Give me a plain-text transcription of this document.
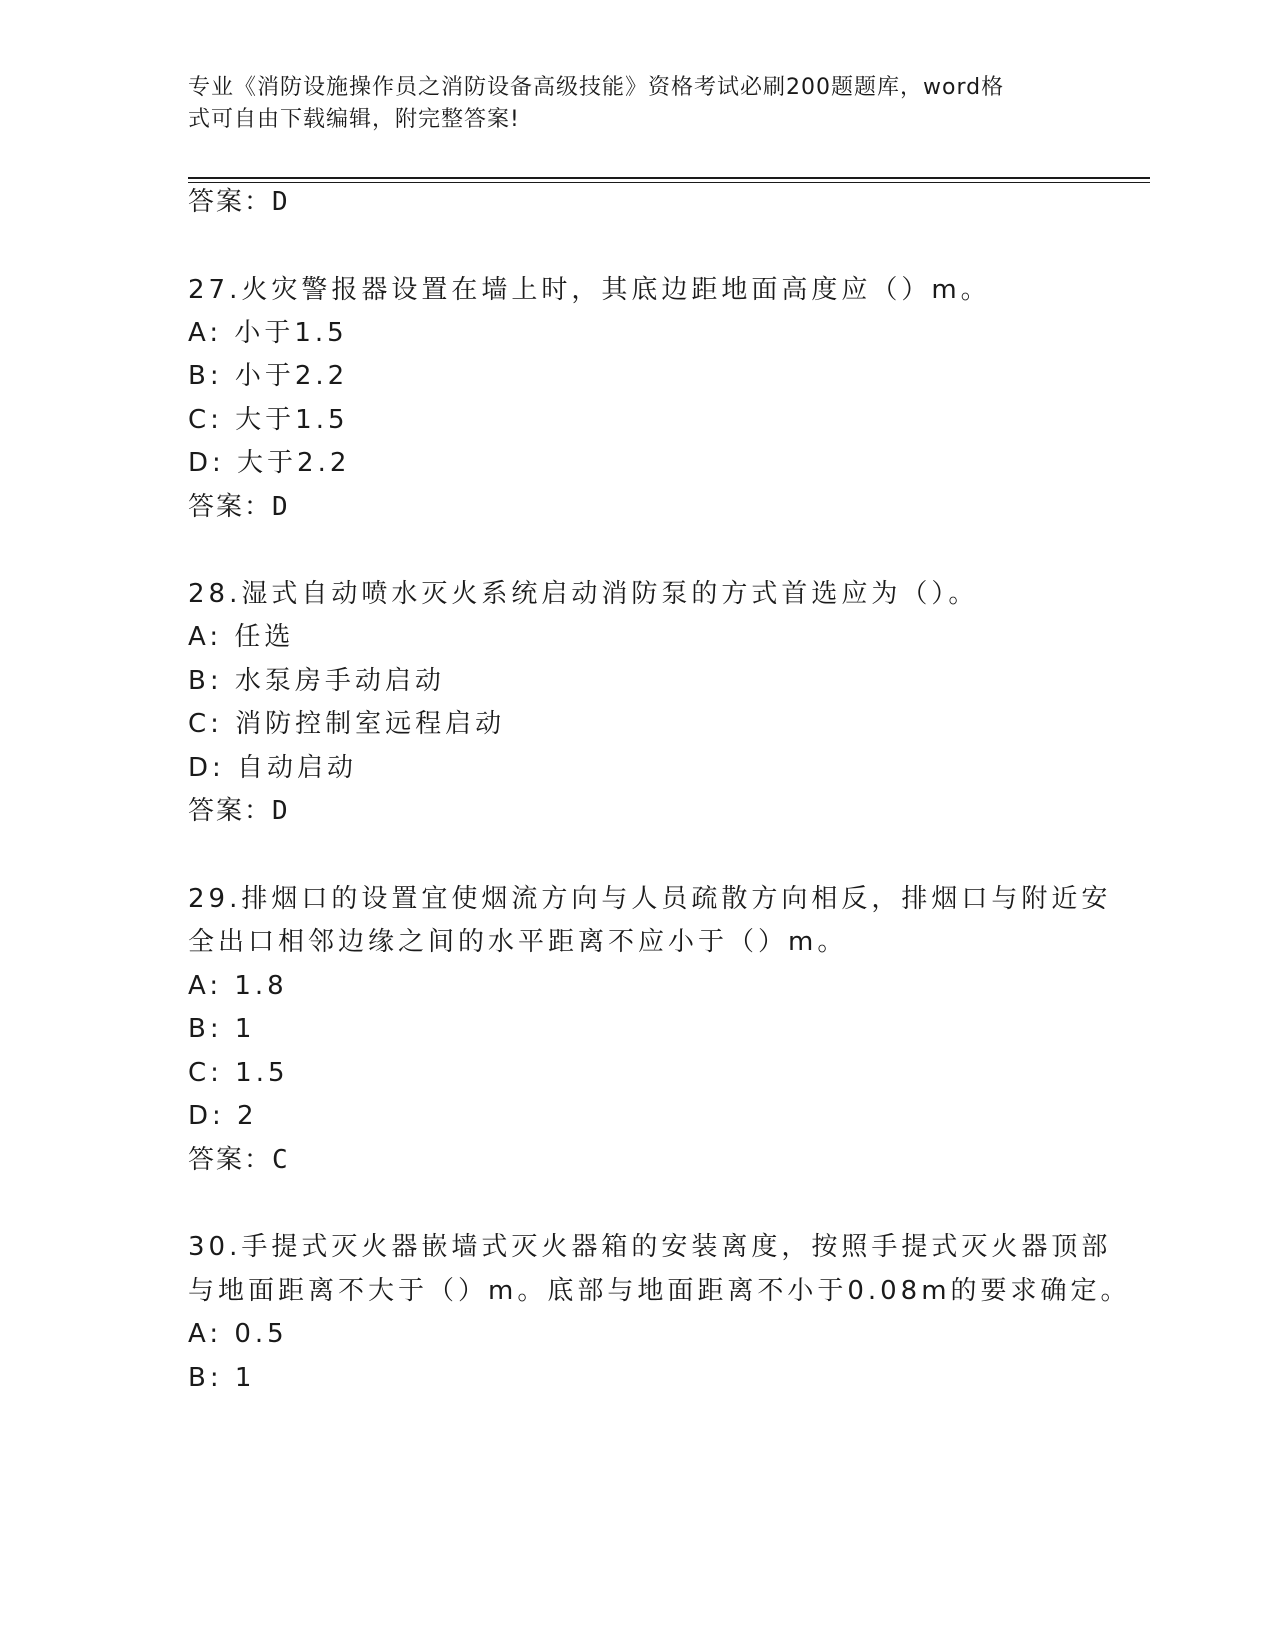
专业《消防设施操作员之消防设备高级技能》资格考试必刷200题题库，word格
式可自由下载编辑，附完整答案!
答案：D
27.火灾警报器设置在墙上时，其底边距地面高度应（）m。
A: 小于1.5
B: 小于2.2
C: 大于1.5
D: 大于2.2
答案：D
28.湿式自动喷水灭火系统启动消防泵的方式首选应为（）。
A: 任选
B: 水泵房手动启动
C: 消防控制室远程启动
D: 自动启动
答案：D
29.排烟口的设置宜使烟流方向与人员疏散方向相反，排烟口与附近安
全出口相邻边缘之间的水平距离不应小于（）m。
A: 1.8
B: 1
C: 1.5
D: 2
答案：C
30.手提式灭火器嵌墙式灭火器箱的安装离度，按照手提式灭火器顶部
与地面距离不大于（）m。底部与地面距离不小于0.08m的要求确定。
A: 0.5
B: 1
